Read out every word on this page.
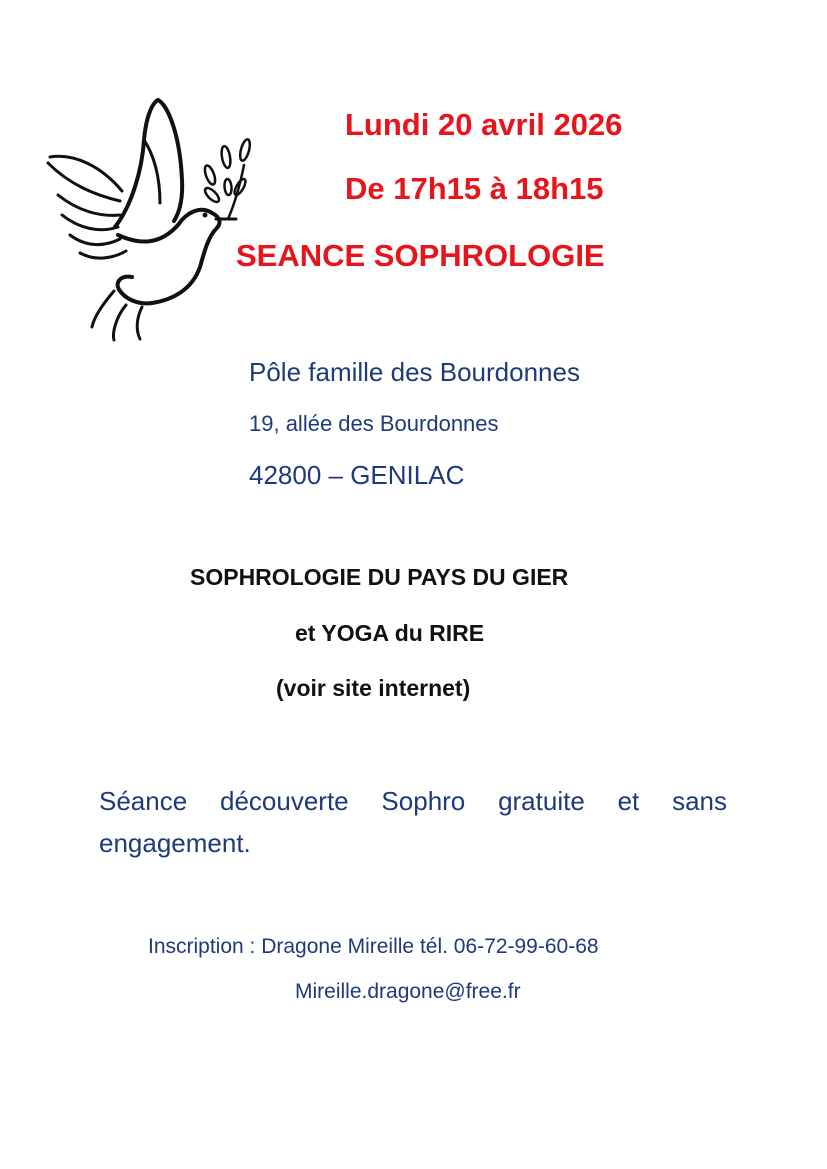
Lundi 20 avril 2026
De 17h15 à 18h15
SEANCE SOPHROLOGIE

Pôle famille des Bourdonnes

19, allée des Bourdonnes

42800 – GENILAC

SOPHROLOGIE DU PAYS DU GIER

et YOGA du RIRE

(voir site internet)

Séance découverte Sophro gratuite et sans engagement.

Inscription : Dragone Mireille tél. 06-72-99-60-68

Mireille.dragone@free.fr
